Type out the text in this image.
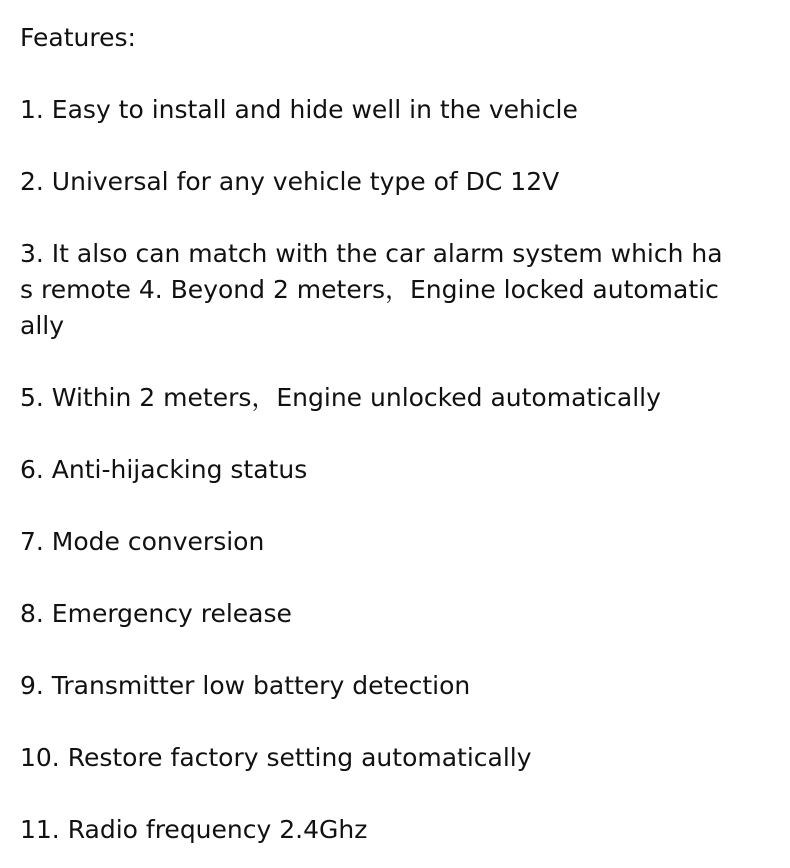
Features:

1. Easy to install and hide well in the vehicle

2. Universal for any vehicle type of DC 12V

3. It also can match with the car alarm system which ha

s remote 4. Beyond 2 meters，Engine locked automatic

ally

5. Within 2 meters，Engine unlocked automatically

6. Anti-hijacking status

7. Mode conversion

8. Emergency release

9. Transmitter low battery detection

10. Restore factory setting automatically

11. Radio frequency 2.4Ghz
